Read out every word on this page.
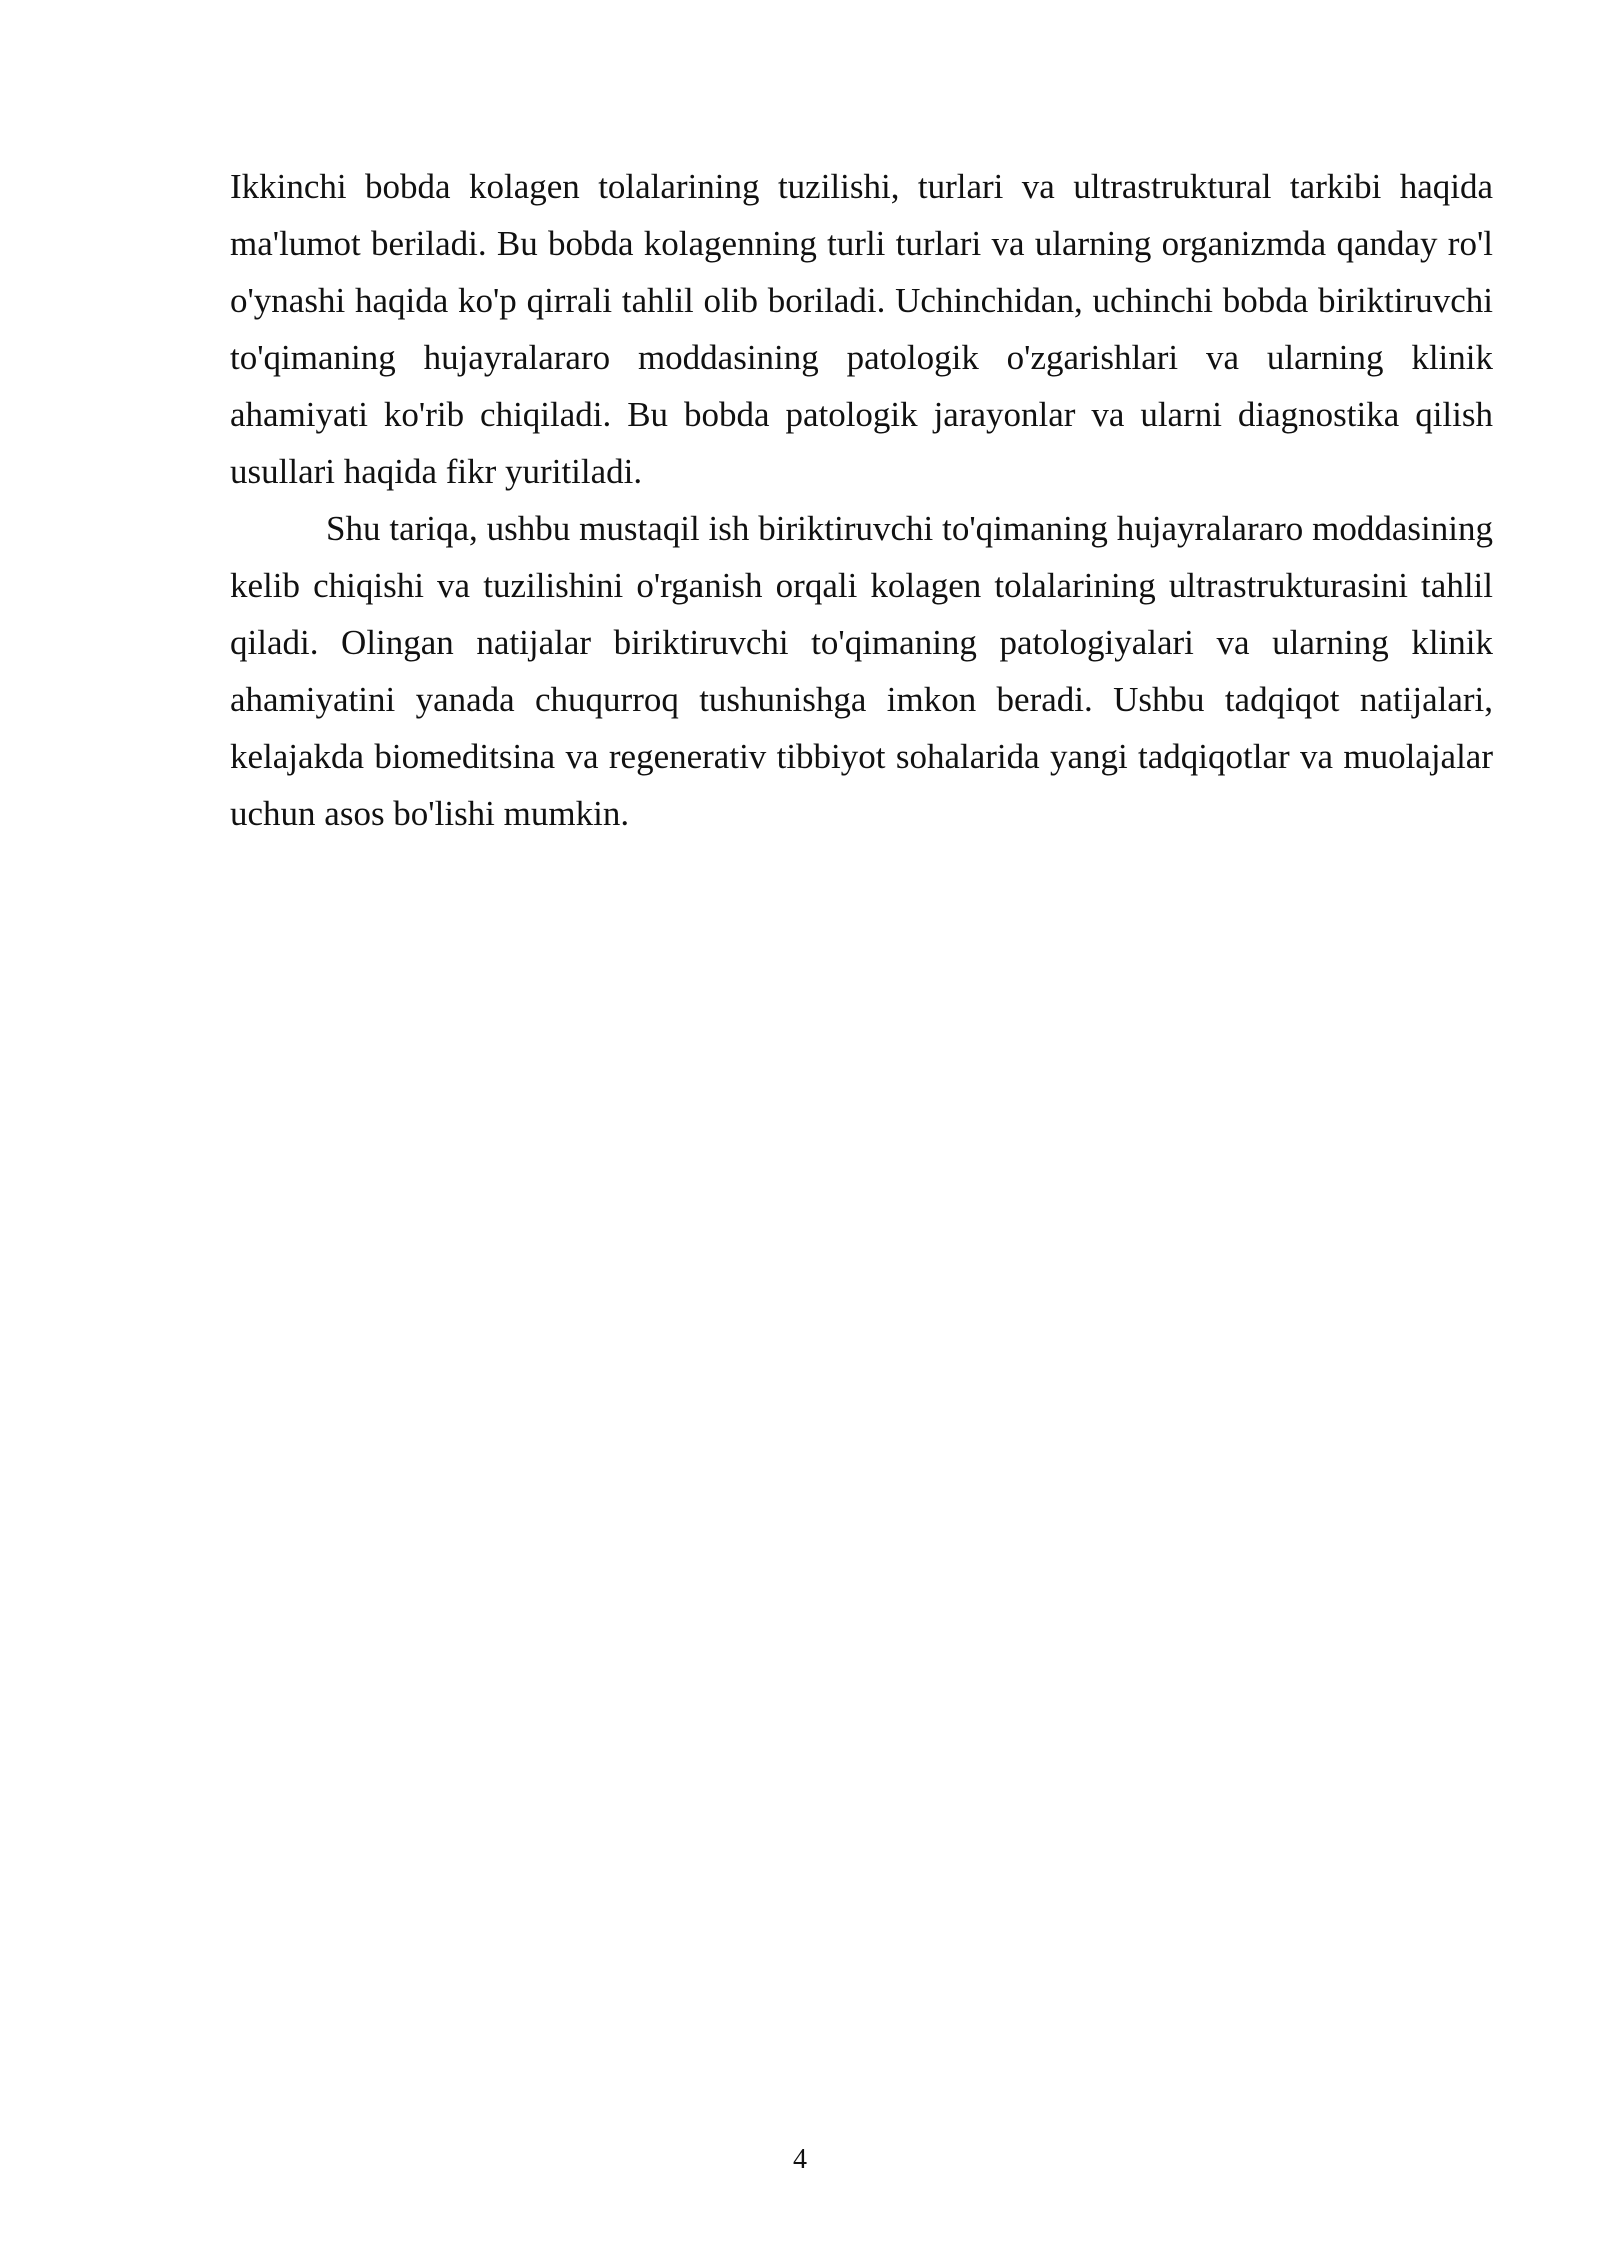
Ikkinchi bobda kolagen tolalarining tuzilishi, turlari va ultrastruktural tarkibi haqida ma'lumot beriladi. Bu bobda kolagenning turli turlari va ularning organizmda qanday ro'l o'ynashi haqida ko'p qirrali tahlil olib boriladi. Uchinchidan, uchinchi bobda biriktiruvchi to'qimaning hujayralararo moddasining patologik o'zgarishlari va ularning klinik ahamiyati ko'rib chiqiladi. Bu bobda patologik jarayonlar va ularni diagnostika qilish usullari haqida fikr yuritiladi.

Shu tariqa, ushbu mustaqil ish biriktiruvchi to'qimaning hujayralararo moddasining kelib chiqishi va tuzilishini o'rganish orqali kolagen tolalarining ultrastrukturasini tahlil qiladi. Olingan natijalar biriktiruvchi to'qimaning patologiyalari va ularning klinik ahamiyatini yanada chuqurroq tushunishga imkon beradi. Ushbu tadqiqot natijalari, kelajakda biomeditsina va regenerativ tibbiyot sohalarida yangi tadqiqotlar va muolajalar uchun asos bo'lishi mumkin.

4
